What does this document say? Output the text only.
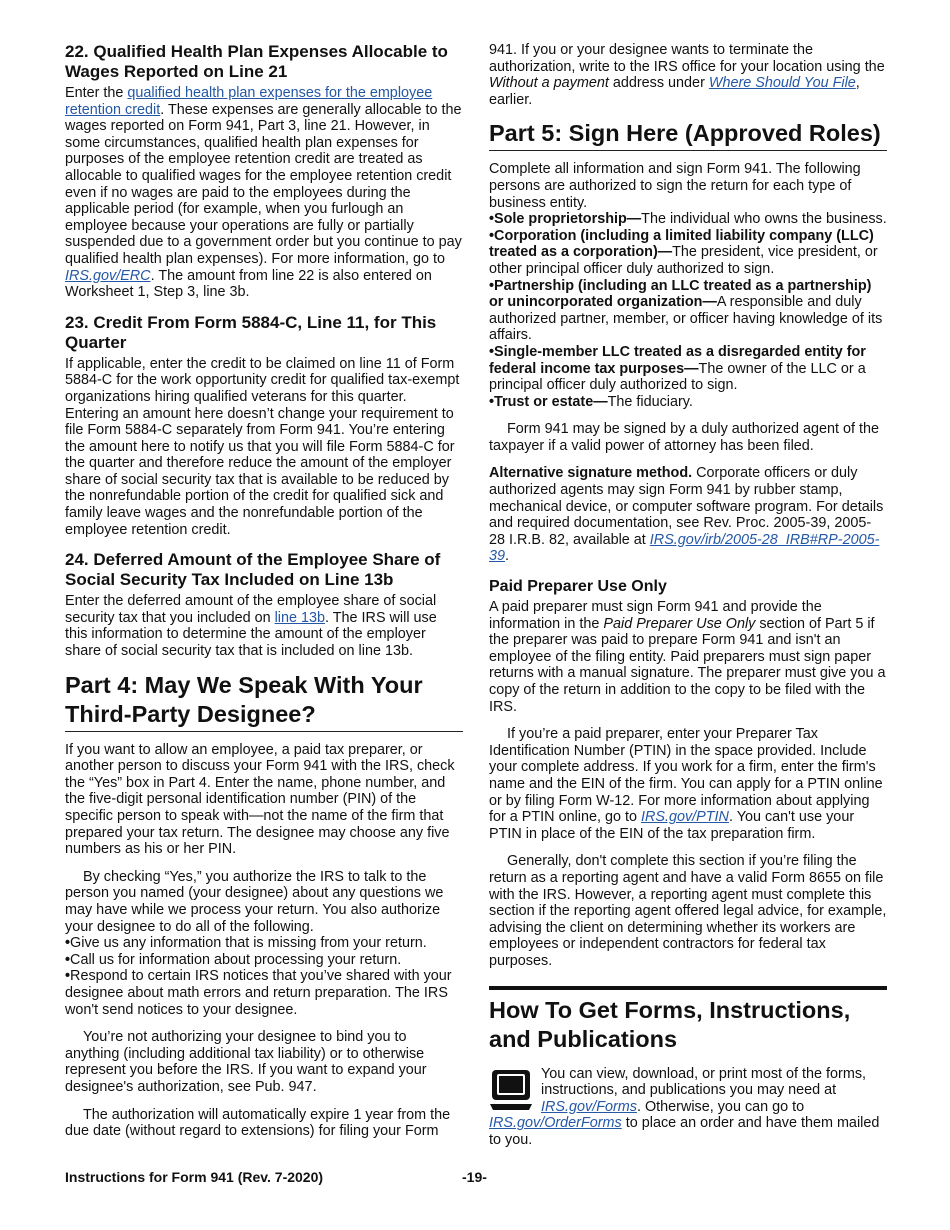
22. Qualified Health Plan Expenses Allocable to Wages Reported on Line 21

Enter the qualified health plan expenses for the employee retention credit. These expenses are generally allocable to the wages reported on Form 941, Part 3, line 21. However, in some circumstances, qualified health plan expenses for purposes of the employee retention credit are treated as allocable to qualified wages for the employee retention credit even if no wages are paid to the employees during the applicable period (for example, when you furlough an employee because your operations are fully or partially suspended due to a government order but you continue to pay qualified health plan expenses). For more information, go to IRS.gov/ERC. The amount from line 22 is also entered on Worksheet 1, Step 3, line 3b.

23. Credit From Form 5884-C, Line 11, for This Quarter

If applicable, enter the credit to be claimed on line 11 of Form 5884-C for the work opportunity credit for qualified tax-exempt organizations hiring qualified veterans for this quarter. Entering an amount here doesn’t change your requirement to file Form 5884-C separately from Form 941. You’re entering the amount here to notify us that you will file Form 5884-C for the quarter and therefore reduce the amount of the employer share of social security tax that is available to be reduced by the nonrefundable portion of the credit for qualified sick and family leave wages and the nonrefundable portion of the employee retention credit.

24. Deferred Amount of the Employee Share of Social Security Tax Included on Line 13b

Enter the deferred amount of the employee share of social security tax that you included on line 13b. The IRS will use this information to determine the amount of the employer share of social security tax that is included on line 13b.

Part 4: May We Speak With Your Third-Party Designee?

If you want to allow an employee, a paid tax preparer, or another person to discuss your Form 941 with the IRS, check the “Yes” box in Part 4. Enter the name, phone number, and the five-digit personal identification number (PIN) of the specific person to speak with—not the name of the firm that prepared your tax return. The designee may choose any five numbers as his or her PIN.

By checking “Yes,” you authorize the IRS to talk to the person you named (your designee) about any questions we may have while we process your return. You also authorize your designee to do all of the following.

• Give us any information that is missing from your return.

• Call us for information about processing your return.

• Respond to certain IRS notices that you’ve shared with your designee about math errors and return preparation. The IRS won't send notices to your designee.

You’re not authorizing your designee to bind you to anything (including additional tax liability) or to otherwise represent you before the IRS. If you want to expand your designee's authorization, see Pub. 947.

The authorization will automatically expire 1 year from the due date (without regard to extensions) for filing your Form

941. If you or your designee wants to terminate the authorization, write to the IRS office for your location using the Without a payment address under Where Should You File, earlier.

Part 5: Sign Here (Approved Roles)

Complete all information and sign Form 941. The following persons are authorized to sign the return for each type of business entity.

• Sole proprietorship—The individual who owns the business.

• Corporation (including a limited liability company (LLC) treated as a corporation)—The president, vice president, or other principal officer duly authorized to sign.

• Partnership (including an LLC treated as a partnership) or unincorporated organization—A responsible and duly authorized partner, member, or officer having knowledge of its affairs.

• Single-member LLC treated as a disregarded entity for federal income tax purposes—The owner of the LLC or a principal officer duly authorized to sign.

• Trust or estate—The fiduciary.

Form 941 may be signed by a duly authorized agent of the taxpayer if a valid power of attorney has been filed.

Alternative signature method. Corporate officers or duly authorized agents may sign Form 941 by rubber stamp, mechanical device, or computer software program. For details and required documentation, see Rev. Proc. 2005-39, 2005-28 I.R.B. 82, available at IRS.gov/irb/2005-28_IRB#RP-2005-39.

Paid Preparer Use Only

A paid preparer must sign Form 941 and provide the information in the Paid Preparer Use Only section of Part 5 if the preparer was paid to prepare Form 941 and isn't an employee of the filing entity. Paid preparers must sign paper returns with a manual signature. The preparer must give you a copy of the return in addition to the copy to be filed with the IRS.

If you’re a paid preparer, enter your Preparer Tax Identification Number (PTIN) in the space provided. Include your complete address. If you work for a firm, enter the firm's name and the EIN of the firm. You can apply for a PTIN online or by filing Form W-12. For more information about applying for a PTIN online, go to IRS.gov/PTIN. You can't use your PTIN in place of the EIN of the tax preparation firm.

Generally, don't complete this section if you’re filing the return as a reporting agent and have a valid Form 8655 on file with the IRS. However, a reporting agent must complete this section if the reporting agent offered legal advice, for example, advising the client on determining whether its workers are employees or independent contractors for federal tax purposes.

How To Get Forms, Instructions, and Publications

You can view, download, or print most of the forms, instructions, and publications you may need at IRS.gov/Forms. Otherwise, you can go to IRS.gov/OrderForms to place an order and have them mailed to you.

Instructions for Form 941 (Rev. 7-2020)	-19-
